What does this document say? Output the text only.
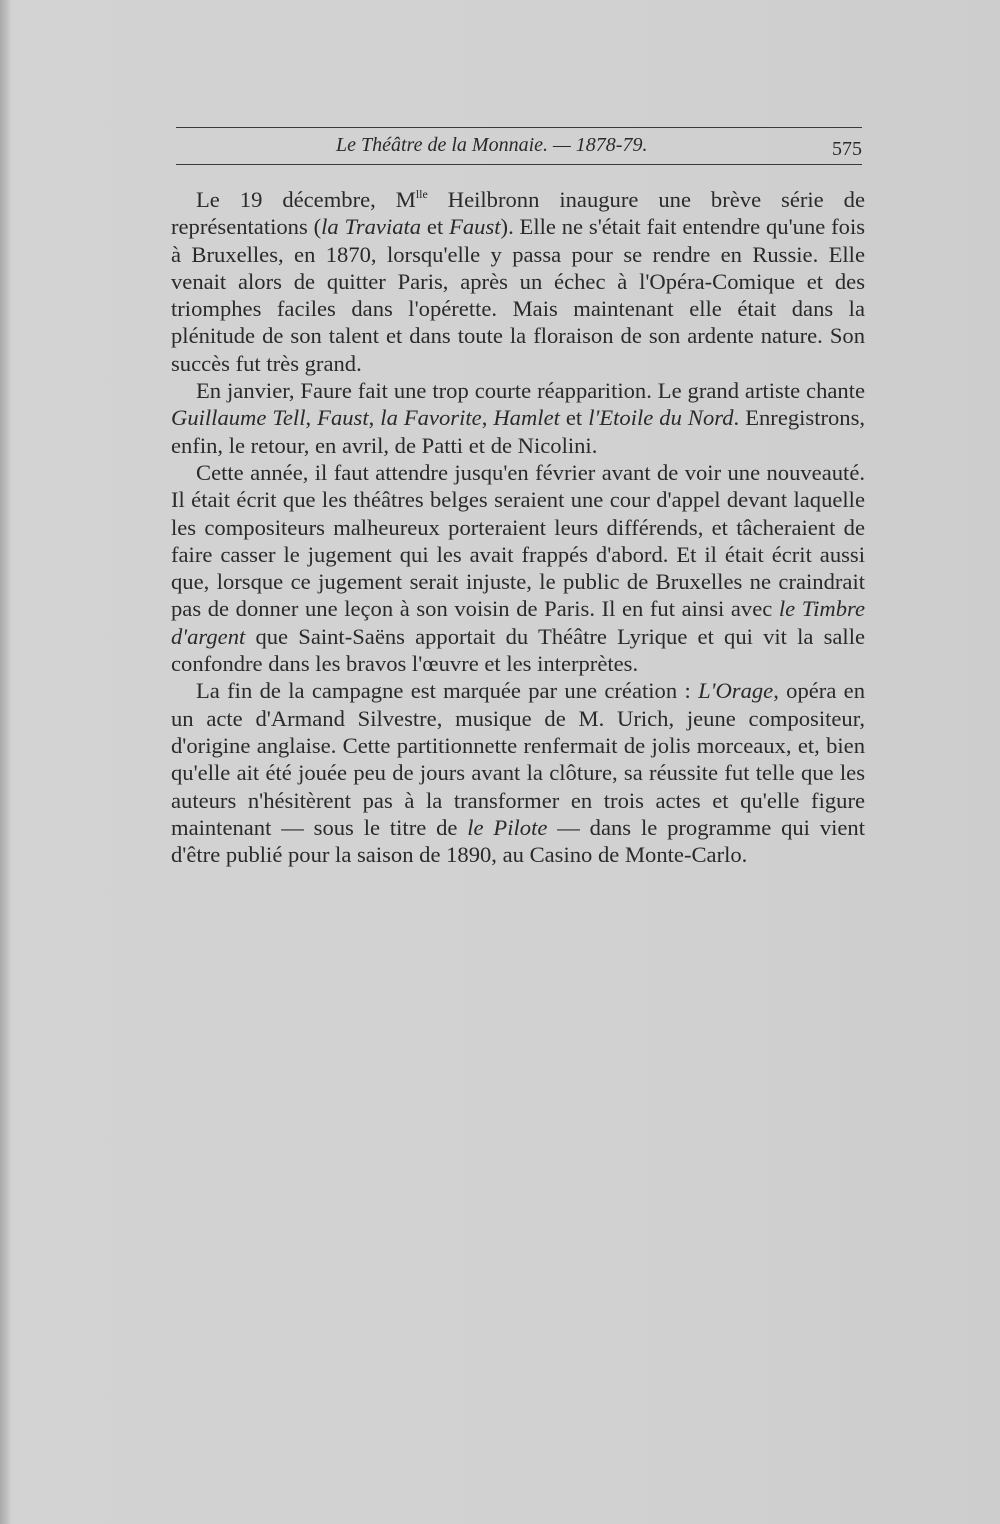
Le Théâtre de la Monnaie. — 1878-79.	575

Le 19 décembre, $M^{lle}$ Heilbronn inaugure une brève série de représentations (la Traviata et Faust). Elle ne s'était fait entendre qu'une fois à Bruxelles, en 1870, lorsqu'elle y passa pour se rendre en Russie. Elle venait alors de quitter Paris, après un échec à l'Opéra-Comique et des triomphes faciles dans l'opérette. Mais maintenant elle était dans la plénitude de son talent et dans toute la floraison de son ardente nature. Son succès fut très grand.

En janvier, Faure fait une trop courte réapparition. Le grand artiste chante Guillaume Tell, Faust, la Favorite, Hamlet et l'Etoile du Nord. Enregistrons, enfin, le retour, en avril, de Patti et de Nicolini.

Cette année, il faut attendre jusqu'en février avant de voir une nouveauté. Il était écrit que les théâtres belges seraient une cour d'appel devant laquelle les compositeurs malheureux porteraient leurs différends, et tâcheraient de faire casser le jugement qui les avait frappés d'abord. Et il était écrit aussi que, lorsque ce jugement serait injuste, le public de Bruxelles ne craindrait pas de donner une leçon à son voisin de Paris. Il en fut ainsi avec le Timbre d'argent que Saint-Saëns apportait du Théâtre Lyrique et qui vit la salle confondre dans les bravos l'œuvre et les interprètes.

La fin de la campagne est marquée par une création : L'Orage, opéra en un acte d'Armand Silvestre, musique de M. Urich, jeune compositeur, d'origine anglaise. Cette partitionnette renfermait de jolis morceaux, et, bien qu'elle ait été jouée peu de jours avant la clôture, sa réussite fut telle que les auteurs n'hésitèrent pas à la transformer en trois actes et qu'elle figure maintenant — sous le titre de le Pilote — dans le programme qui vient d'être publié pour la saison de 1890, au Casino de Monte-Carlo.
